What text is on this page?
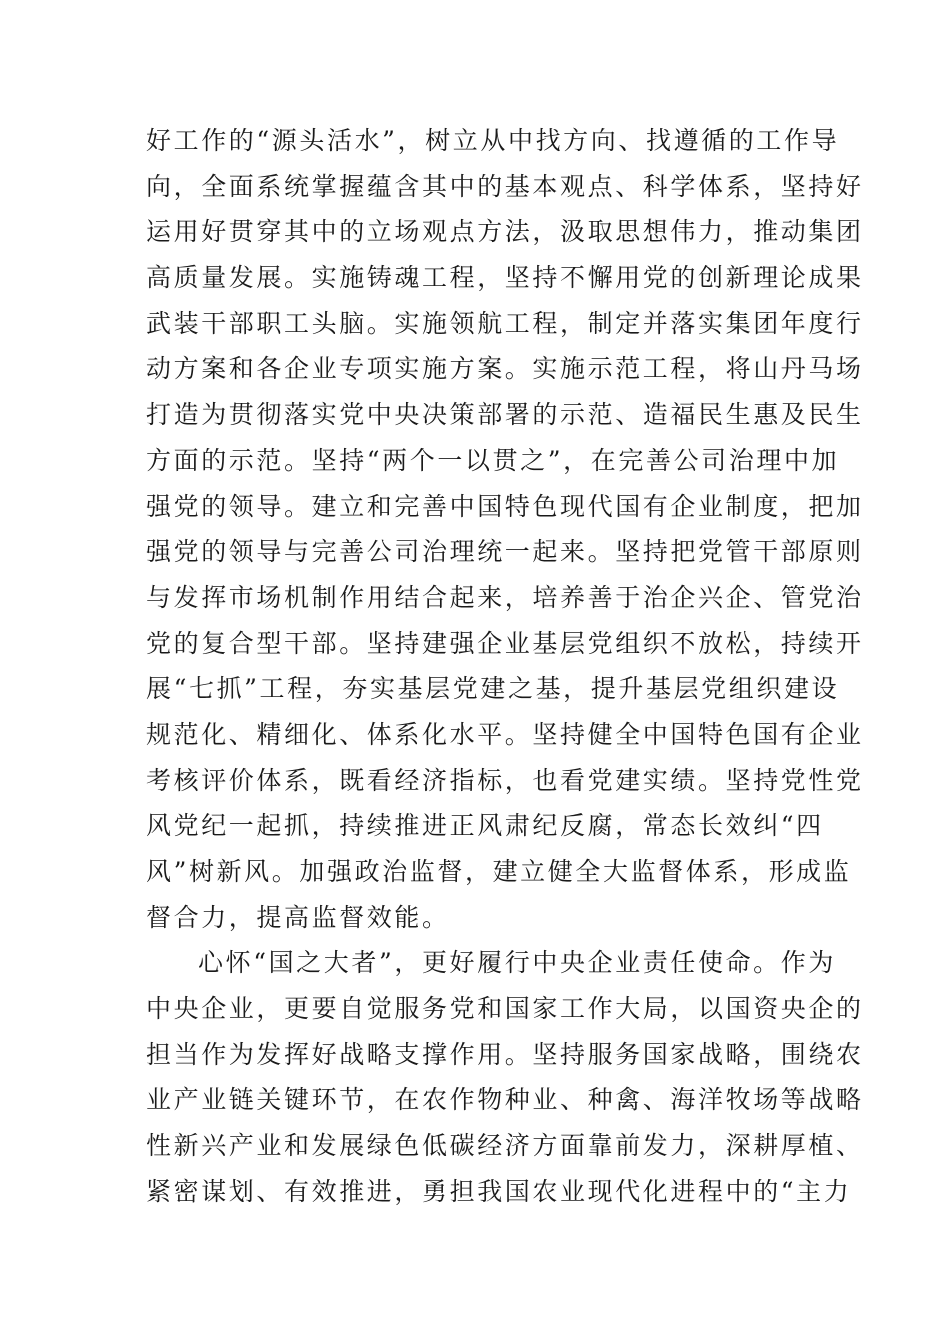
好工作的“源头活水”，树立从中找方向、找遵循的工作导
向，全面系统掌握蕴含其中的基本观点、科学体系，坚持好
运用好贯穿其中的立场观点方法，汲取思想伟力，推动集团
高质量发展。实施铸魂工程，坚持不懈用党的创新理论成果
武装干部职工头脑。实施领航工程，制定并落实集团年度行
动方案和各企业专项实施方案。实施示范工程，将山丹马场
打造为贯彻落实党中央决策部署的示范、造福民生惠及民生
方面的示范。坚持“两个一以贯之”，在完善公司治理中加
强党的领导。建立和完善中国特色现代国有企业制度，把加
强党的领导与完善公司治理统一起来。坚持把党管干部原则
与发挥市场机制作用结合起来，培养善于治企兴企、管党治
党的复合型干部。坚持建强企业基层党组织不放松，持续开
展“七抓”工程，夯实基层党建之基，提升基层党组织建设
规范化、精细化、体系化水平。坚持健全中国特色国有企业
考核评价体系，既看经济指标，也看党建实绩。坚持党性党
风党纪一起抓，持续推进正风肃纪反腐，常态长效纠“四
风”树新风。加强政治监督，建立健全大监督体系，形成监
督合力，提高监督效能。
心怀“国之大者”，更好履行中央企业责任使命。作为
中央企业，更要自觉服务党和国家工作大局，以国资央企的
担当作为发挥好战略支撑作用。坚持服务国家战略，围绕农
业产业链关键环节，在农作物种业、种禽、海洋牧场等战略
性新兴产业和发展绿色低碳经济方面靠前发力，深耕厚植、
紧密谋划、有效推进，勇担我国农业现代化进程中的“主力
